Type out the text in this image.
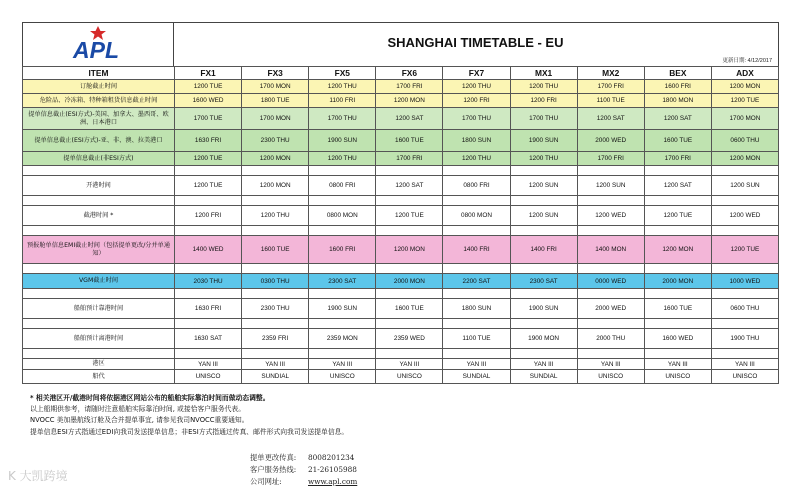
APL	SHANGHAI TIMETABLE - EU
更新日期: 4/12/2017
ITEM	FX1	FX3	FX5	FX6	FX7	MX1	MX2	BEX	ADX
订舱截止时间	1200 TUE	1700 MON	1200 THU	1700 FRI	1200 THU	1200 THU	1700 FRI	1600 FRI	1200 MON
危险品、冷冻箱、特种箱租货信息截止时间	1600 WED	1800 TUE	1100 FRI	1200 MON	1200 FRI	1200 FRI	1100 TUE	1800 MON	1200 TUE
提单信息截止(ESI方式)-美国、加拿大、墨西哥、欧洲、日本港口	1700 TUE	1700 MON	1700 THU	1200 SAT	1700 THU	1700 THU	1200 SAT	1200 SAT	1700 MON
提单信息截止(ESI方式)-亚、非、澳、拉美港口	1630 FRI	2300 THU	1900 SUN	1600 TUE	1800 SUN	1900 SUN	2000 WED	1600 TUE	0600 THU
提单信息截止(非ESI方式)	1200 TUE	1200 MON	1200 THU	1700 FRI	1200 THU	1200 THU	1700 FRI	1700 FRI	1200 MON

开港时间	1200 TUE	1200 MON	0800 FRI	1200 SAT	0800 FRI	1200 SUN	1200 SUN	1200 SAT	1200 SUN

截港时间 *	1200 FRI	1200 THU	0800 MON	1200 TUE	0800 MON	1200 SUN	1200 WED	1200 TUE	1200 WED

预报舱单信息EMI截止时间（包括提单更改/分并单通知）	1400 WED	1600 TUE	1600 FRI	1200 MON	1400 FRI	1400 FRI	1400 MON	1200 MON	1200 TUE

VGM截止时间	2030 THU	0300 THU	2300 SAT	2000 MON	2200 SAT	2300 SAT	0000 WED	2000 MON	1000 WED

船舶预计靠港时间	1630 FRI	2300 THU	1900 SUN	1600 TUE	1800 SUN	1900 SUN	2000 WED	1600 TUE	0600 THU

船舶预计离港时间	1630 SAT	2359 FRI	2359 MON	2359 WED	1100 TUE	1900 MON	2000 THU	1600 WED	1900 THU

港区	YAN III	YAN III	YAN III	YAN III	YAN III	YAN III	YAN III	YAN III	YAN III
船代	UNISCO	SUNDIAL	UNISCO	UNISCO	SUNDIAL	SUNDIAL	UNISCO	UNISCO	UNISCO
* 相关港区开/截港时间将依据港区网站公布的船舶实际靠泊时间而做动态调整。
以上船期供参考，请随时注意船舶实际靠泊时间, 或接恰客户服务代表。
NVOCC 美加墨航线订舱及合并提单事宜, 请参见我司NVOCC重要通知。
提单信息ESI方式指通过EDI向我司发送提单信息；非ESI方式指通过传真、邮件形式向我司发送提单信息。
提单更改传真:	8008201234
客户服务热线:	21-26105988
公司网址:	www.apl.com
K 大凯跨境
